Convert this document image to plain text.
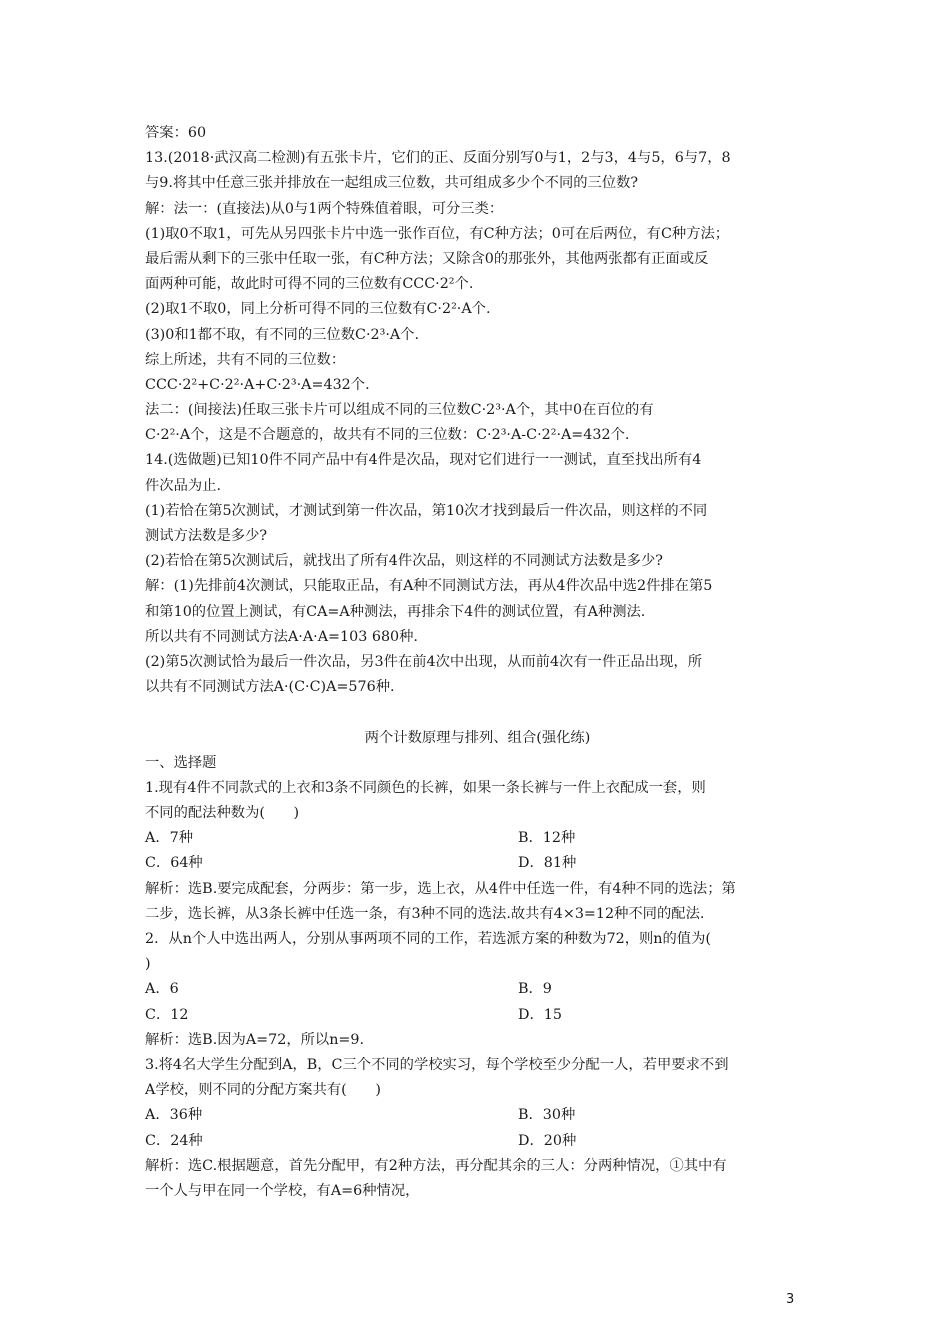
答案：60
13.(2018·武汉高二检测)有五张卡片，它们的正、反面分别写0与1，2与3，4与5，6与7，8
与9.将其中任意三张并排放在一起组成三位数，共可组成多少个不同的三位数?
解：法一：(直接法)从0与1两个特殊值着眼，可分三类：
(1)取0不取1，可先从另四张卡片中选一张作百位，有C种方法；0可在后两位，有C种方法；
最后需从剩下的三张中任取一张，有C种方法；又除含0的那张外，其他两张都有正面或反
面两种可能，故此时可得不同的三位数有CCC·2²个.
(2)取1不取0，同上分析可得不同的三位数有C·2²·A个.
(3)0和1都不取，有不同的三位数C·2³·A个.
综上所述，共有不同的三位数：
CCC·2²+C·2²·A+C·2³·A=432个.
法二：(间接法)任取三张卡片可以组成不同的三位数C·2³·A个，其中0在百位的有
C·2²·A个，这是不合题意的，故共有不同的三位数：C·2³·A-C·2²·A=432个.
14.(选做题)已知10件不同产品中有4件是次品，现对它们进行一一测试，直至找出所有4
件次品为止.
(1)若恰在第5次测试，才测试到第一件次品，第10次才找到最后一件次品，则这样的不同
测试方法数是多少?
(2)若恰在第5次测试后，就找出了所有4件次品，则这样的不同测试方法数是多少?
解：(1)先排前4次测试，只能取正品，有A种不同测试方法，再从4件次品中选2件排在第5
和第10的位置上测试，有CA=A种测法，再排余下4件的测试位置，有A种测法.
所以共有不同测试方法A·A·A=103 680种.
(2)第5次测试恰为最后一件次品，另3件在前4次中出现，从而前4次有一件正品出现，所
以共有不同测试方法A·(C·C)A=576种.
两个计数原理与排列、组合(强化练)
一、选择题
1.现有4件不同款式的上衣和3条不同颜色的长裤，如果一条长裤与一件上衣配成一套，则
不同的配法种数为(　　)
A．7种	B．12种
C．64种	D．81种
解析：选B.要完成配套，分两步：第一步，选上衣，从4件中任选一件，有4种不同的选法；第
二步，选长裤，从3条长裤中任选一条，有3种不同的选法.故共有4×3=12种不同的配法.
2．从n个人中选出两人，分别从事两项不同的工作，若选派方案的种数为72，则n的值为(
)
A．6	B．9
C．12	D．15
解析：选B.因为A=72，所以n=9.
3.将4名大学生分配到A，B，C三个不同的学校实习，每个学校至少分配一人，若甲要求不到
A学校，则不同的分配方案共有(　　)
A．36种	B．30种
C．24种	D．20种
解析：选C.根据题意，首先分配甲，有2种方法，再分配其余的三人：分两种情况，①其中有
一个人与甲在同一个学校，有A=6种情况，
3
